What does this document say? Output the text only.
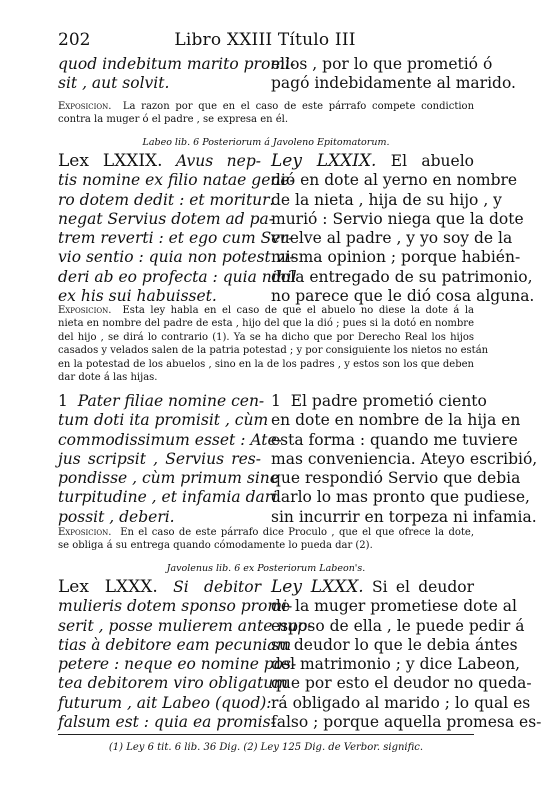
202	Libro XXIII Título III
quod indebitum marito promi-
sit , aut solvit.
ellos , por lo que prometió ó
pagó indebidamente al marido.
Exposicion. La razon por que en el caso de este párrafo compete condiction
contra la muger ó el padre , se expresa en él.
Labeo lib. 6 Posteriorum á Javoleno Epitomatorum.
Lex LXXIX. Avus nep-
tis nomine ex filio natae gene-
ro dotem dedit : et moritur:
negat Servius dotem ad pa-
trem reverti : et ego cum Ser-
vio sentio : quia non potest vi-
deri ab eo profecta : quia nihil
ex his sui habuisset.
Ley LXXIX. El abuelo
dió en dote al yerno en nombre
de la nieta , hija de su hijo , y
murió : Servio niega que la dote
vuelve al padre , y yo soy de la
misma opinion ; porque habién-
dola entregado de su patrimonio,
no parece que le dió cosa alguna.
Exposicion. Esta ley habla en el caso de que el abuelo no diese la dote á la
nieta en nombre del padre de esta , hijo del que la dió ; pues si la dotó en nombre
del hijo , se dirá lo contrario (1). Ya se ha dicho que por Derecho Real los hijos
casados y velados salen de la patria potestad ; y por consiguiente los nietos no están
en la potestad de los abuelos , sino en la de los padres , y estos son los que deben
dar dote á las hijas.
1 Pater filiae nomine cen-
tum doti ita promisit , cùm
commodissimum esset : Ate-
jus scripsit , Servius res-
pondisse , cùm primum sine
turpitudine , et infamia dari
possit , deberi.
1 El padre prometió ciento
en dote en nombre de la hija en
esta forma : quando me tuviere
mas conveniencia. Ateyo escribió,
que respondió Servio que debia
darlo lo mas pronto que pudiese,
sin incurrir en torpeza ni infamia.
Exposicion. En el caso de este párrafo dice Proculo , que el que ofrece la dote,
se obliga á su entrega quando cómodamente lo pueda dar (2).
Javolenus lib. 6 ex Posteriorum Labeon's.
Lex LXXX. Si debitor
mulieris dotem sponso promi-
serit , posse mulierem ante nup-
tias à debitore eam pecuniam
petere : neque eo nomine pos-
tea debitorem viro obligatum
futurum , ait Labeo (quod):
falsum est : quia ea promis-
Ley LXXX. Si el deudor
de la muger prometiese dote al
esposo de ella , le puede pedir á
su deudor lo que le debia ántes
del matrimonio ; y dice Labeon,
que por esto el deudor no queda-
rá obligado al marido ; lo qual es
falso ; porque aquella promesa es-
(1) Ley 6 tit. 6 lib. 36 Dig. (2) Ley 125 Dig. de Verbor. signific.
